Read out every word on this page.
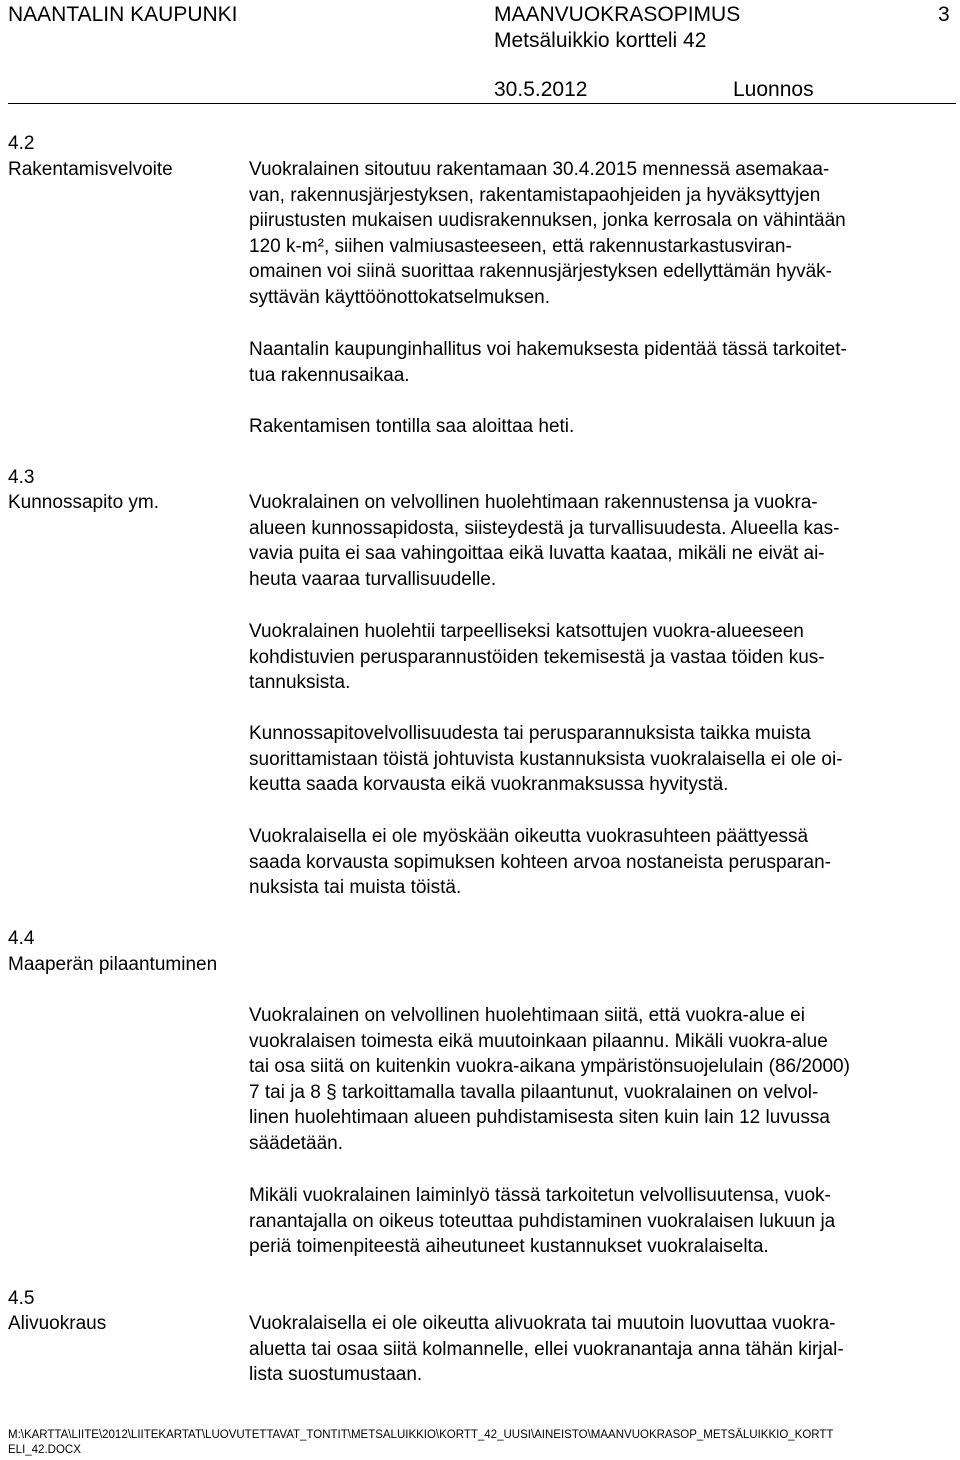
NAANTALIN KAUPUNKI	MAANVUOKRASOPIMUS
Metsäluikkio kortteli 42
3
30.5.2012	Luonnos
4.2
Rakentamisvelvoite	Vuokralainen sitoutuu rakentamaan 30.4.2015 mennessä asemakaa-
van, rakennusjärjestyksen, rakentamistapaohjeiden ja hyväksyttyjen
piirustusten mukaisen uudisrakennuksen, jonka kerrosala on vähintään
120 k-m², siihen valmiusasteeseen, että rakennustarkastusviran-
omainen voi siinä suorittaa rakennusjärjestyksen edellyttämän hyväk-
syttävän käyttöönottokatselmuksen.
Naantalin kaupunginhallitus voi hakemuksesta pidentää tässä tarkoitet-
tua rakennusaikaa.
Rakentamisen tontilla saa aloittaa heti.
4.3
Kunnossapito ym.	Vuokralainen on velvollinen huolehtimaan rakennustensa ja vuokra-
alueen kunnossapidosta, siisteydestä ja turvallisuudesta. Alueella kas-
vavia puita ei saa vahingoittaa eikä luvatta kaataa, mikäli ne eivät ai-
heuta vaaraa turvallisuudelle.
Vuokralainen huolehtii tarpeelliseksi katsottujen vuokra-alueeseen
kohdistuvien perusparannustöiden tekemisestä ja vastaa töiden kus-
tannuksista.
Kunnossapitovelvollisuudesta tai perusparannuksista taikka muista
suorittamistaan töistä johtuvista kustannuksista vuokralaisella ei ole oi-
keutta saada korvausta eikä vuokranmaksussa hyvitystä.
Vuokralaisella ei ole myöskään oikeutta vuokrasuhteen päättyessä
saada korvausta sopimuksen kohteen arvoa nostaneista perusparan-
nuksista tai muista töistä.
4.4
Maaperän pilaantuminen
Vuokralainen on velvollinen huolehtimaan siitä, että vuokra-alue ei
vuokralaisen toimesta eikä muutoinkaan pilaannu. Mikäli vuokra-alue
tai osa siitä on kuitenkin vuokra-aikana ympäristönsuojelulain (86/2000)
7 tai ja 8 § tarkoittamalla tavalla pilaantunut, vuokralainen on velvol-
linen huolehtimaan alueen puhdistamisesta siten kuin lain 12 luvussa
säädetään.
Mikäli vuokralainen laiminlyö tässä tarkoitetun velvollisuutensa, vuok-
ranantajalla on oikeus toteuttaa puhdistaminen vuokralaisen lukuun ja
periä toimenpiteestä aiheutuneet kustannukset vuokralaiselta.
4.5
Alivuokraus	Vuokralaisella ei ole oikeutta alivuokrata tai muutoin luovuttaa vuokra-
aluetta tai osaa siitä kolmannelle, ellei vuokranantaja anna tähän kirjal-
lista suostumustaan.
M:\KARTTA\LIITE\2012\LIITEKARTAT\LUOVUTETTAVAT_TONTIT\METSALUIKKIO\KORTT_42_UUSI\AINEISTO\MAANVUOKRASOP_METSÄLUIKKIO_KORTT
ELI_42.DOCX
